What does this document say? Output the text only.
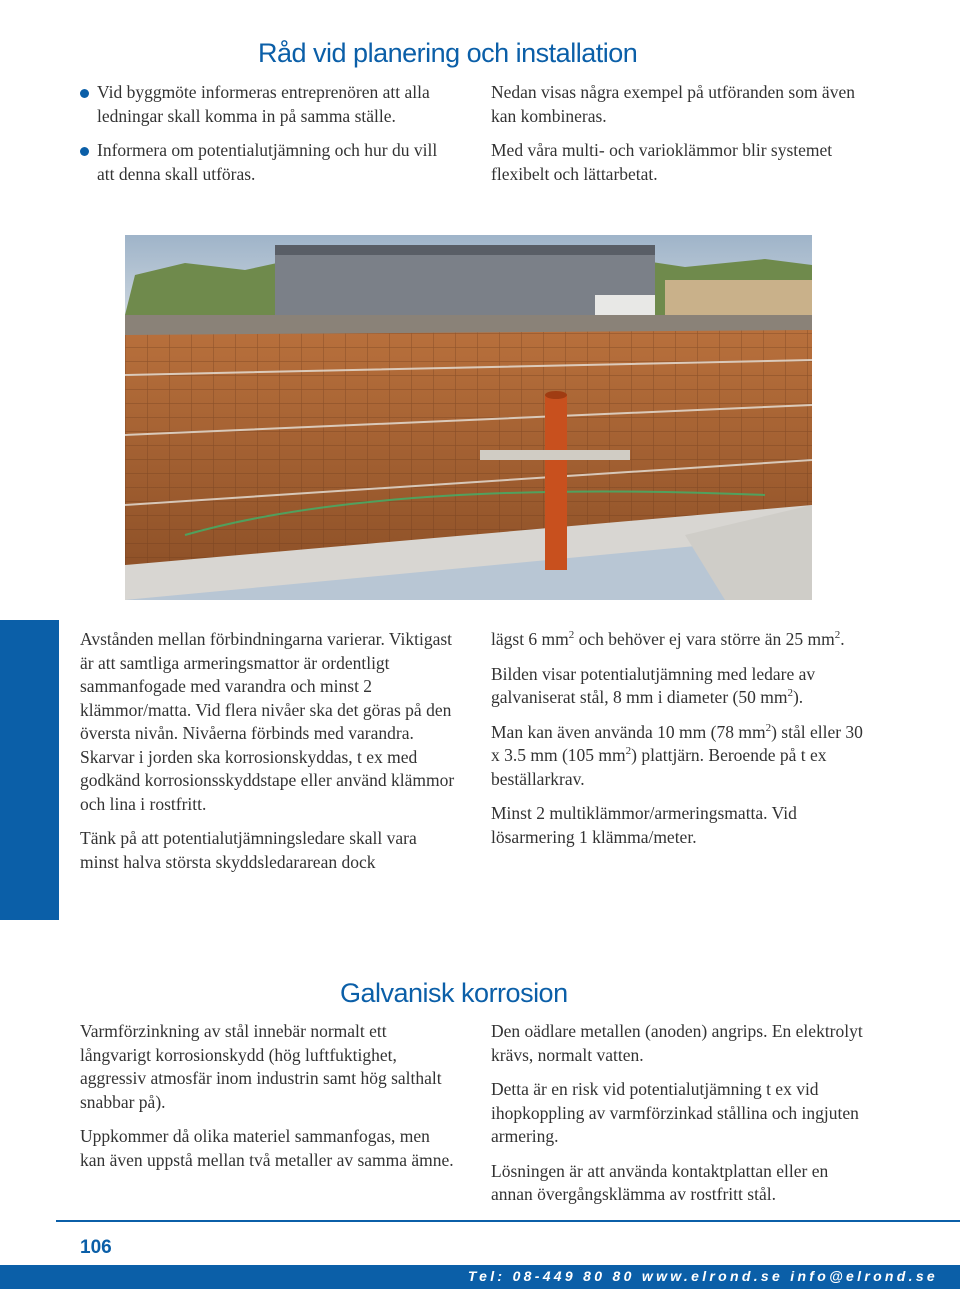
Råd vid planering och installation
Vid byggmöte informeras entreprenören att alla ledningar skall komma in på samma ställe.
Informera om potentialutjämning och hur du vill att denna skall utföras.

Nedan visas några exempel på utföranden som även kan kombineras.

Med våra multi- och varioklämmor blir systemet flexibelt och lättarbetat.

Avstånden mellan förbindningarna varierar. Viktigast är att samtliga armeringsmattor är ordentligt sammanfogade med varandra och minst 2 klämmor/matta. Vid flera nivåer ska det göras på den översta nivån. Nivåerna förbinds med varandra. Skarvar i jorden ska korrosionskyddas, t ex med godkänd korrosionsskyddstape eller använd klämmor och lina i rostfritt.

Tänk på att potentialutjämningsledare skall vara minst halva största skyddsledararean dock

lägst 6 $mm^2$ och behöver ej vara större än 25 $mm^2$.

Bilden visar potentialutjämning med ledare av galvaniserat stål, 8 mm i diameter (50 $mm^2$).

Man kan även använda 10 mm (78 $mm^2$) stål eller 30 x 3.5 mm (105 $mm^2$) plattjärn. Beroende på t ex beställarkrav.

Minst 2 multiklämmor/armeringsmatta. Vid lösarmering 1 klämma/meter.

Galvanisk korrosion

Varmförzinkning av stål innebär normalt ett långvarigt korrosionskydd (hög luftfuktighet, aggressiv atmosfär inom industrin samt hög salthalt snabbar på).

Uppkommer då olika materiel sammanfogas, men kan även uppstå mellan två metaller av samma ämne.

Den oädlare metallen (anoden) angrips. En elektrolyt krävs, normalt vatten.

Detta är en risk vid potentialutjämning t ex vid ihopkoppling av varmförzinkad stållina och ingjuten armering.

Lösningen är att använda kontaktplattan eller en annan övergångsklämma av rostfritt stål.

106
Tel: 08-449 80 80 www.elrond.se info@elrond.se
